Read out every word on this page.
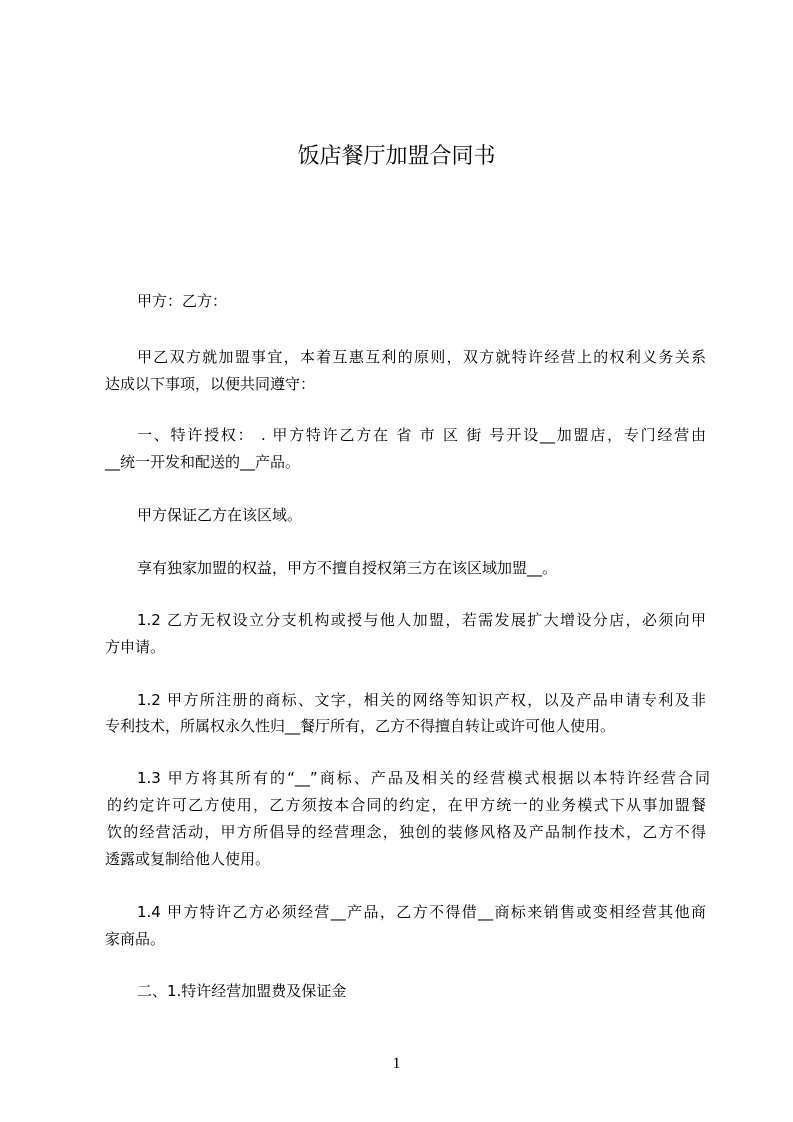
饭店餐厅加盟合同书
甲方：乙方：
甲乙双方就加盟事宜，本着互惠互利的原则，双方就特许经营上的权利义务关系
达成以下事项，以便共同遵守：
一、特许授权： . 甲方特许乙方在 省 市 区 街 号开设__加盟店，专门经营由
__统一开发和配送的__产品。
甲方保证乙方在该区域。
享有独家加盟的权益，甲方不擅自授权第三方在该区域加盟__。
1.2 乙方无权设立分支机构或授与他人加盟，若需发展扩大增设分店，必须向甲
方申请。
1.2 甲方所注册的商标、文字，相关的网络等知识产权，以及产品申请专利及非
专利技术，所属权永久性归__餐厅所有，乙方不得擅自转让或许可他人使用。
1.3 甲方将其所有的“__”商标、产品及相关的经营模式根据以本特许经营合同
的约定许可乙方使用，乙方须按本合同的约定，在甲方统一的业务模式下从事加盟餐
饮的经营活动，甲方所倡导的经营理念，独创的装修风格及产品制作技术，乙方不得
透露或复制给他人使用。
1.4 甲方特许乙方必须经营__产品，乙方不得借__商标来销售或变相经营其他商
家商品。
二、1.特许经营加盟费及保证金
1
